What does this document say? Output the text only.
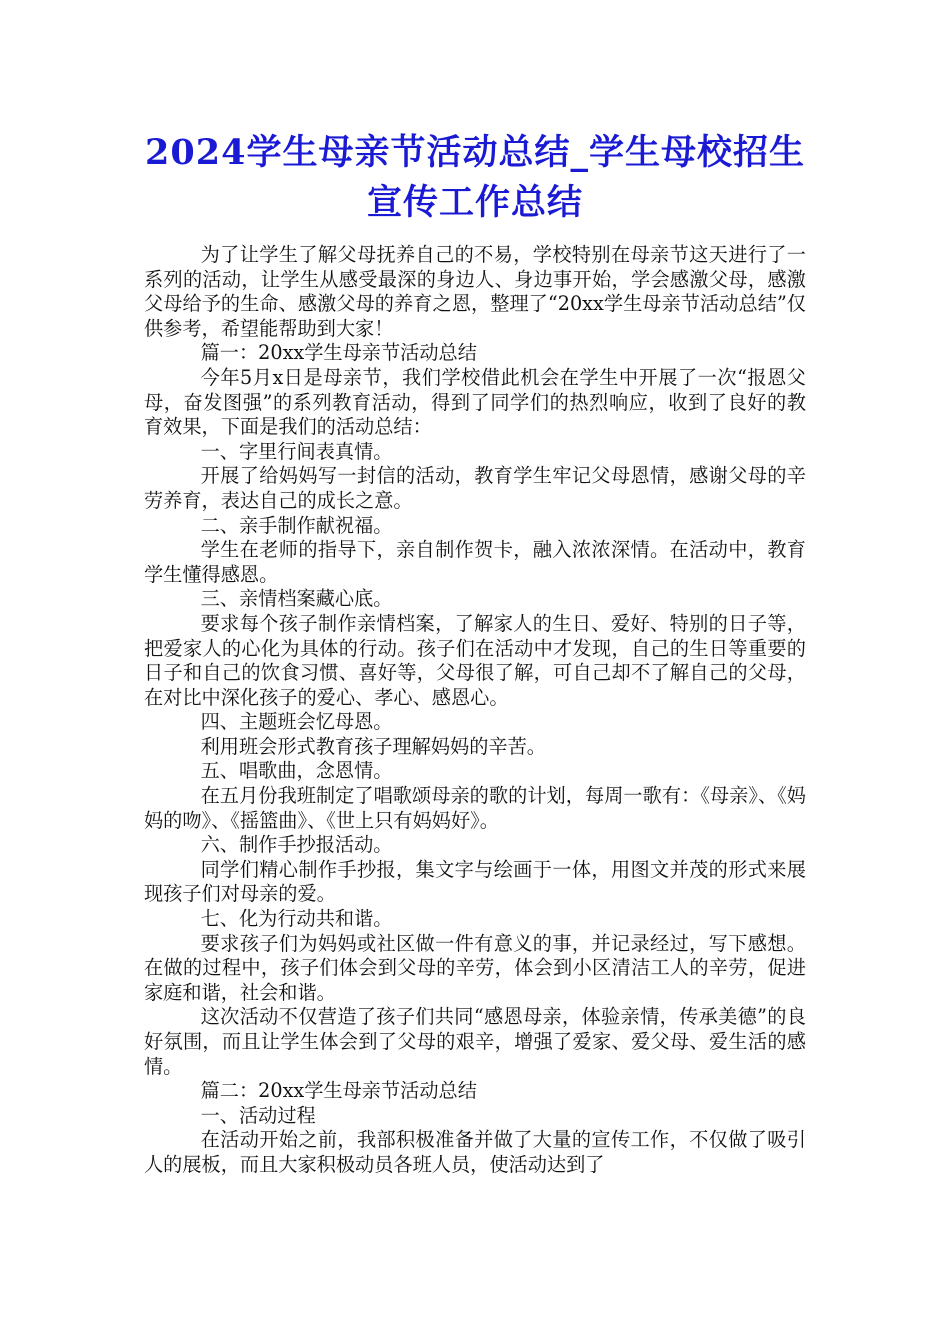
2024学生母亲节活动总结_学生母校招生宣传工作总结

为了让学生了解父母抚养自己的不易，学校特别在母亲节这天进行了一系列的活动，让学生从感受最深的身边人、身边事开始，学会感激父母，感激父母给予的生命、感激父母的养育之恩，整理了“20xx学生母亲节活动总结”仅供参考，希望能帮助到大家！

篇一：20xx学生母亲节活动总结

今年5月x日是母亲节，我们学校借此机会在学生中开展了一次“报恩父母，奋发图强”的系列教育活动，得到了同学们的热烈响应，收到了良好的教育效果，下面是我们的活动总结：

一、字里行间表真情。

开展了给妈妈写一封信的活动，教育学生牢记父母恩情，感谢父母的辛劳养育，表达自己的成长之意。

二、亲手制作献祝福。

学生在老师的指导下，亲自制作贺卡，融入浓浓深情。在活动中，教育学生懂得感恩。

三、亲情档案藏心底。

要求每个孩子制作亲情档案，了解家人的生日、爱好、特别的日子等，把爱家人的心化为具体的行动。孩子们在活动中才发现，自己的生日等重要的日子和自己的饮食习惯、喜好等，父母很了解，可自己却不了解自己的父母，在对比中深化孩子的爱心、孝心、感恩心。

四、主题班会忆母恩。

利用班会形式教育孩子理解妈妈的辛苦。

五、唱歌曲，念恩情。

在五月份我班制定了唱歌颂母亲的歌的计划，每周一歌有：《母亲》、《妈妈的吻》、《摇篮曲》、《世上只有妈妈好》。

六、制作手抄报活动。

同学们精心制作手抄报，集文字与绘画于一体，用图文并茂的形式来展现孩子们对母亲的爱。

七、化为行动共和谐。

要求孩子们为妈妈或社区做一件有意义的事，并记录经过，写下感想。在做的过程中，孩子们体会到父母的辛劳，体会到小区清洁工人的辛劳，促进家庭和谐，社会和谐。

这次活动不仅营造了孩子们共同“感恩母亲，体验亲情，传承美德”的良好氛围，而且让学生体会到了父母的艰辛，增强了爱家、爱父母、爱生活的感情。

篇二：20xx学生母亲节活动总结

一、活动过程

在活动开始之前，我部积极准备并做了大量的宣传工作，不仅做了吸引人的展板，而且大家积极动员各班人员，使活动达到了
